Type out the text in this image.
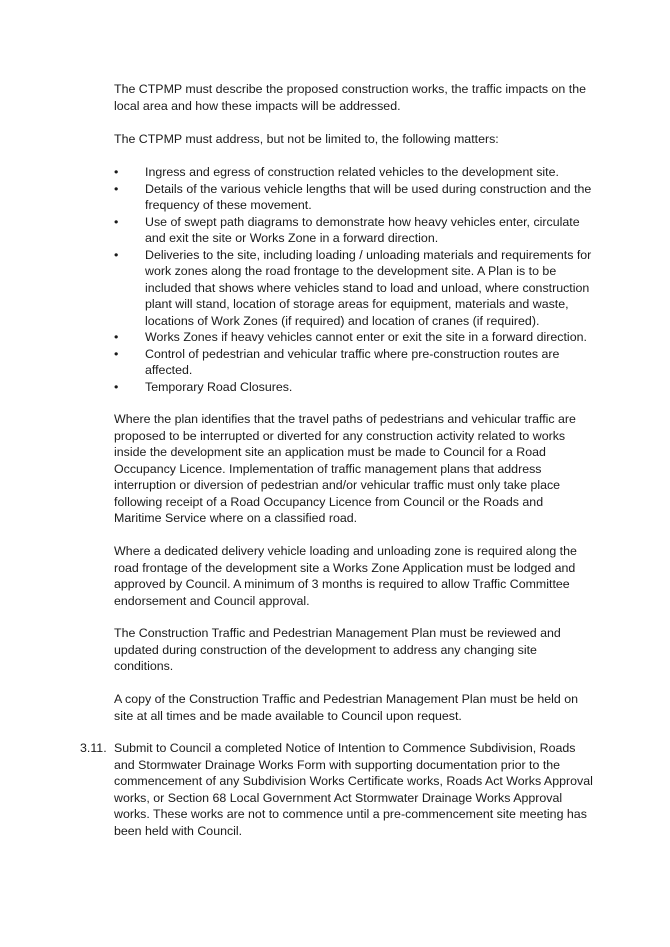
The CTPMP must describe the proposed construction works, the traffic impacts on the local area and how these impacts will be addressed.

The CTPMP must address, but not be limited to, the following matters:

•	Ingress and egress of construction related vehicles to the development site.
•	Details of the various vehicle lengths that will be used during construction and the frequency of these movement.
•	Use of swept path diagrams to demonstrate how heavy vehicles enter, circulate and exit the site or Works Zone in a forward direction.
•	Deliveries to the site, including loading / unloading materials and requirements for work zones along the road frontage to the development site. A Plan is to be included that shows where vehicles stand to load and unload, where construction plant will stand, location of storage areas for equipment, materials and waste, locations of Work Zones (if required) and location of cranes (if required).
•	Works Zones if heavy vehicles cannot enter or exit the site in a forward direction.
•	Control of pedestrian and vehicular traffic where pre-construction routes are affected.
•	Temporary Road Closures.

Where the plan identifies that the travel paths of pedestrians and vehicular traffic are proposed to be interrupted or diverted for any construction activity related to works inside the development site an application must be made to Council for a Road Occupancy Licence. Implementation of traffic management plans that address interruption or diversion of pedestrian and/or vehicular traffic must only take place following receipt of a Road Occupancy Licence from Council or the Roads and Maritime Service where on a classified road.

Where a dedicated delivery vehicle loading and unloading zone is required along the road frontage of the development site a Works Zone Application must be lodged and approved by Council. A minimum of 3 months is required to allow Traffic Committee endorsement and Council approval.

The Construction Traffic and Pedestrian Management Plan must be reviewed and updated during construction of the development to address any changing site conditions.

A copy of the Construction Traffic and Pedestrian Management Plan must be held on site at all times and be made available to Council upon request.

3.11. Submit to Council a completed Notice of Intention to Commence Subdivision, Roads and Stormwater Drainage Works Form with supporting documentation prior to the commencement of any Subdivision Works Certificate works, Roads Act Works Approval works, or Section 68 Local Government Act Stormwater Drainage Works Approval works. These works are not to commence until a pre-commencement site meeting has been held with Council.
